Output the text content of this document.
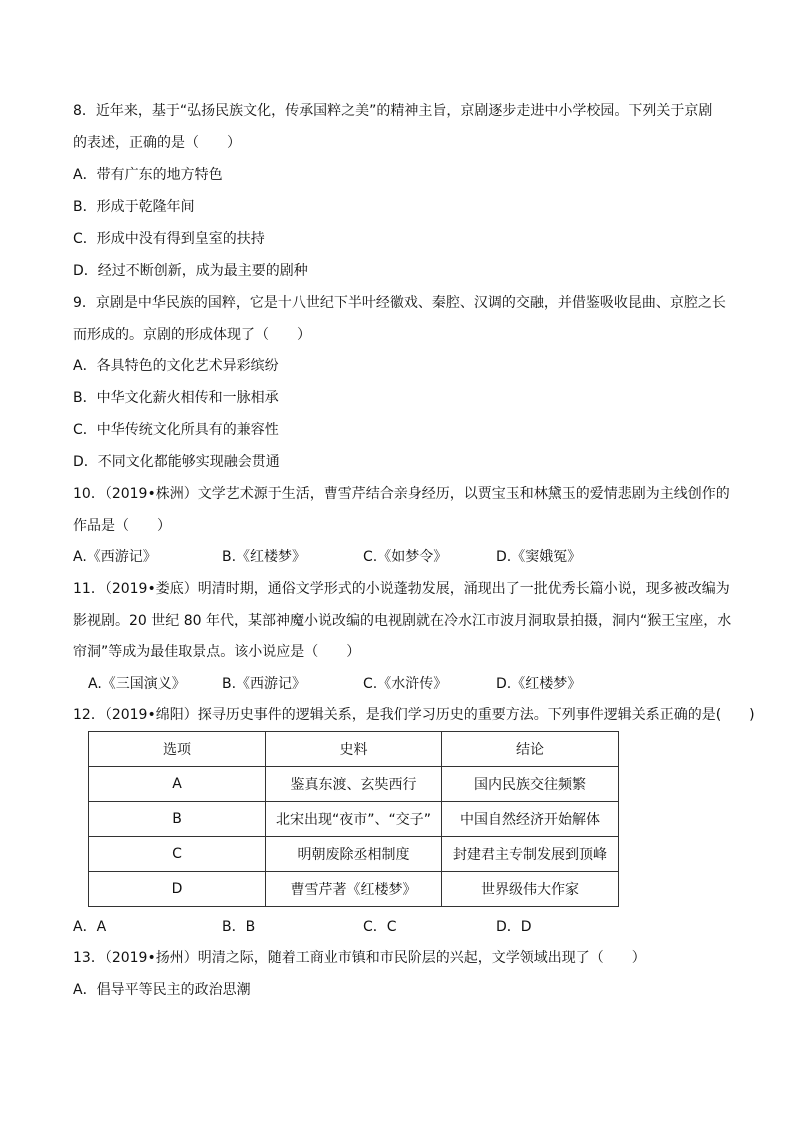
8．近年来，基于“弘扬民族文化，传承国粹之美”的精神主旨，京剧逐步走进中小学校园。下列关于京剧
的表述，正确的是（　　）
A．带有广东的地方特色
B．形成于乾隆年间
C．形成中没有得到皇室的扶持
D．经过不断创新，成为最主要的剧种
9．京剧是中华民族的国粹，它是十八世纪下半叶经徽戏、秦腔、汉调的交融，并借鉴吸收昆曲、京腔之长
而形成的。京剧的形成体现了（　　）
A．各具特色的文化艺术异彩缤纷
B．中华文化薪火相传和一脉相承
C．中华传统文化所具有的兼容性
D．不同文化都能够实现融会贯通
10．（2019•株洲）文学艺术源于生活，曹雪芹结合亲身经历，以贾宝玉和林黛玉的爱情悲剧为主线创作的
作品是（　　）
A.《西游记》	B.《红楼梦》	C.《如梦令》	D.《窦娥冤》
11．（2019•娄底）明清时期，通俗文学形式的小说蓬勃发展，涌现出了一批优秀长篇小说，现多被改编为
影视剧。20 世纪 80 年代，某部神魔小说改编的电视剧就在冷水江市波月洞取景拍摄，洞内“猴王宝座，水
帘洞”等成为最佳取景点。该小说应是（　　）
A.《三国演义》	B.《西游记》	C.《水浒传》	D.《红楼梦》
12．（2019•绵阳）探寻历史事件的逻辑关系，是我们学习历史的重要方法。下列事件逻辑关系正确的是(　　)
选项	史料	结论
A	鉴真东渡、玄奘西行	国内民族交往频繁
B	北宋出现“夜市”、“交子”	中国自然经济开始解体
C	明朝废除丞相制度	封建君主专制发展到顶峰
D	曹雪芹著《红楼梦》	世界级伟大作家
A．A	B．B	C．C	D．D
13．（2019•扬州）明清之际，随着工商业市镇和市民阶层的兴起，文学领域出现了（　　）
A．倡导平等民主的政治思潮
